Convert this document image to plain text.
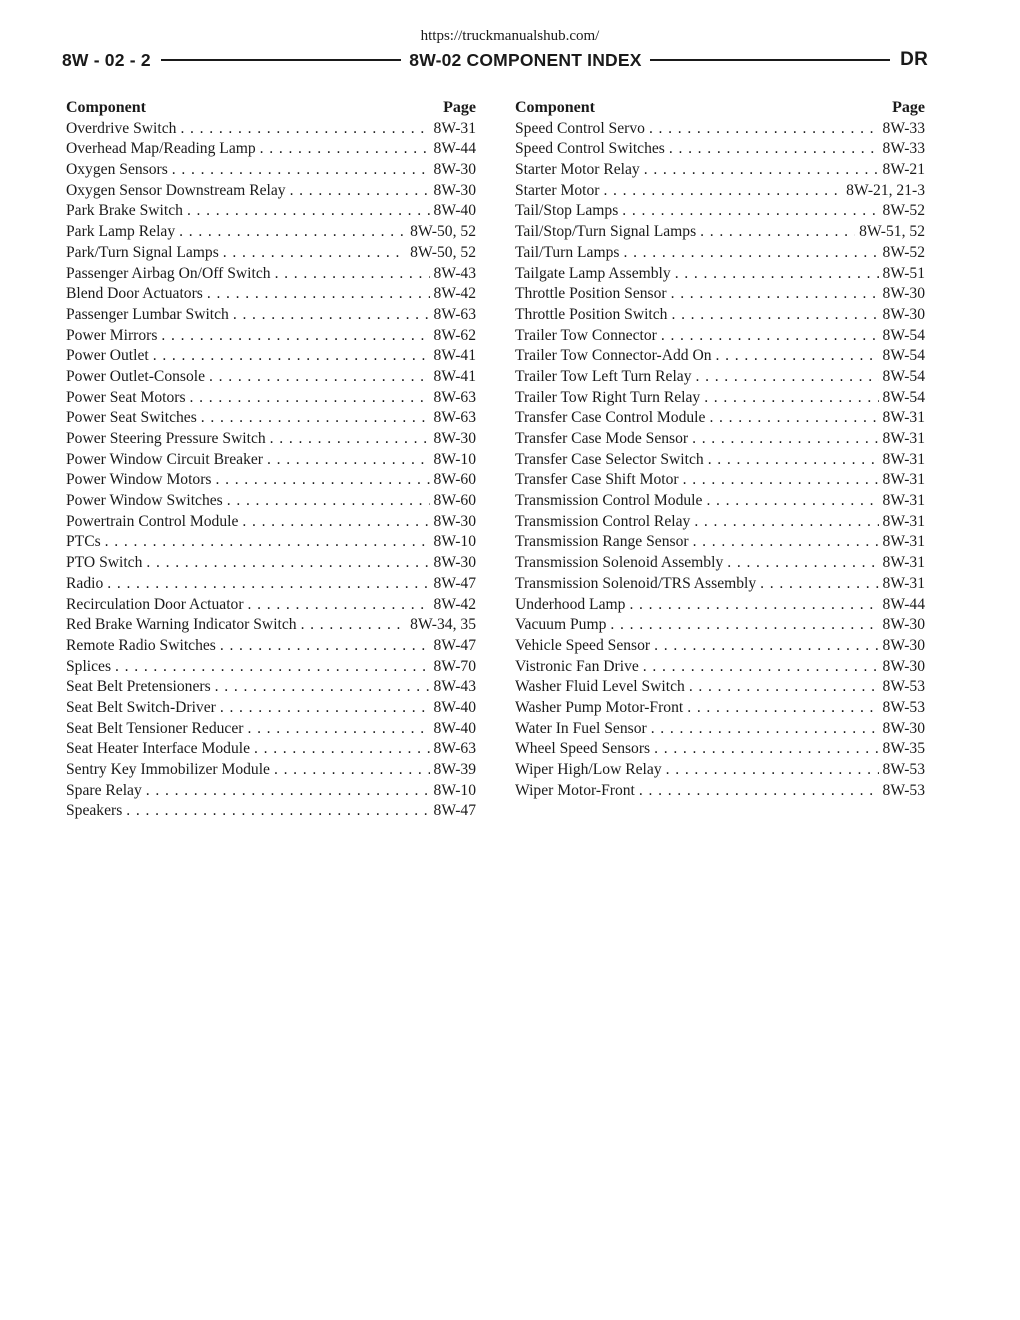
https://truckmanualshub.com/
8W - 02 - 2	8W-02 COMPONENT INDEX	DR
Component	Page
Overdrive Switch . . .	8W-31
Overhead Map/Reading Lamp . . .	8W-44
Oxygen Sensors . . .	8W-30
Oxygen Sensor Downstream Relay . . .	8W-30
Park Brake Switch . . .	8W-40
Park Lamp Relay . . .	8W-50, 52
Park/Turn Signal Lamps . . .	8W-50, 52
Passenger Airbag On/Off Switch . . .	8W-43
Blend Door Actuators . . .	8W-42
Passenger Lumbar Switch . . .	8W-63
Power Mirrors . . .	8W-62
Power Outlet . . .	8W-41
Power Outlet-Console . . .	8W-41
Power Seat Motors . . .	8W-63
Power Seat Switches . . .	8W-63
Power Steering Pressure Switch . . .	8W-30
Power Window Circuit Breaker . . .	8W-10
Power Window Motors . . .	8W-60
Power Window Switches . . .	8W-60
Powertrain Control Module . . .	8W-30
PTCs . . .	8W-10
PTO Switch . . .	8W-30
Radio . . .	8W-47
Recirculation Door Actuator . . .	8W-42
Red Brake Warning Indicator Switch . . .	8W-34, 35
Remote Radio Switches . . .	8W-47
Splices . . .	8W-70
Seat Belt Pretensioners . . .	8W-43
Seat Belt Switch-Driver . . .	8W-40
Seat Belt Tensioner Reducer . . .	8W-40
Seat Heater Interface Module . . .	8W-63
Sentry Key Immobilizer Module . . .	8W-39
Spare Relay . . .	8W-10
Speakers . . .	8W-47
Component	Page
Speed Control Servo . . .	8W-33
Speed Control Switches . . .	8W-33
Starter Motor Relay . . .	8W-21
Starter Motor . . .	8W-21, 21-3
Tail/Stop Lamps . . .	8W-52
Tail/Stop/Turn Signal Lamps . . .	8W-51, 52
Tail/Turn Lamps . . .	8W-52
Tailgate Lamp Assembly . . .	8W-51
Throttle Position Sensor . . .	8W-30
Throttle Position Switch . . .	8W-30
Trailer Tow Connector . . .	8W-54
Trailer Tow Connector-Add On . . .	8W-54
Trailer Tow Left Turn Relay . . .	8W-54
Trailer Tow Right Turn Relay . . .	8W-54
Transfer Case Control Module . . .	8W-31
Transfer Case Mode Sensor . . .	8W-31
Transfer Case Selector Switch . . .	8W-31
Transfer Case Shift Motor . . .	8W-31
Transmission Control Module . . .	8W-31
Transmission Control Relay . . .	8W-31
Transmission Range Sensor . . .	8W-31
Transmission Solenoid Assembly . . .	8W-31
Transmission Solenoid/TRS Assembly . . .	8W-31
Underhood Lamp . . .	8W-44
Vacuum Pump . . .	8W-30
Vehicle Speed Sensor . . .	8W-30
Vistronic Fan Drive . . .	8W-30
Washer Fluid Level Switch . . .	8W-53
Washer Pump Motor-Front . . .	8W-53
Water In Fuel Sensor . . .	8W-30
Wheel Speed Sensors . . .	8W-35
Wiper High/Low Relay . . .	8W-53
Wiper Motor-Front . . .	8W-53
